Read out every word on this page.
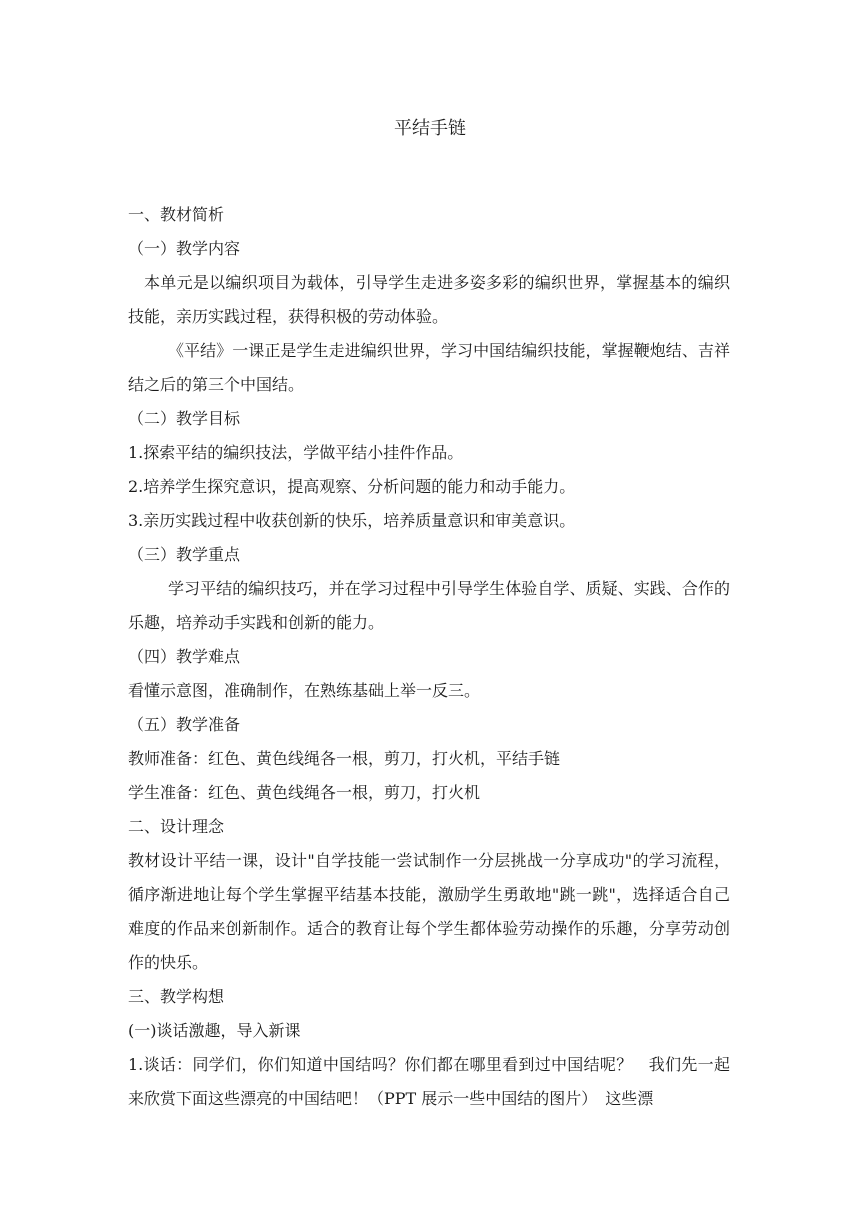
平结手链
一、教材简析
（一）教学内容

本单元是以编织项目为载体，引导学生走进多姿多彩的编织世界，掌握基本的编织技能，亲历实践过程，获得积极的劳动体验。

《平结》一课正是学生走进编织世界，学习中国结编织技能，掌握鞭炮结、吉祥结之后的第三个中国结。

（二）教学目标
1.探索平结的编织技法，学做平结小挂件作品。
2.培养学生探究意识，提高观察、分析问题的能力和动手能力。
3.亲历实践过程中收获创新的快乐，培养质量意识和审美意识。
（三）教学重点

学习平结的编织技巧，并在学习过程中引导学生体验自学、质疑、实践、合作的乐趣，培养动手实践和创新的能力。

（四）教学难点
看懂示意图，准确制作，在熟练基础上举一反三。
（五）教学准备
教师准备：红色、黄色线绳各一根，剪刀，打火机，平结手链
学生准备：红色、黄色线绳各一根，剪刀，打火机
二、设计理念

教材设计平结一课，设计"自学技能一尝试制作一分层挑战一分享成功"的学习流程，循序渐进地让每个学生掌握平结基本技能，激励学生勇敢地"跳一跳"，选择适合自己难度的作品来创新制作。适合的教育让每个学生都体验劳动操作的乐趣，分享劳动创作的快乐。

三、教学构想
(一)谈话激趣，导入新课

1.谈话：同学们，你们知道中国结吗？你们都在哪里看到过中国结呢？　我们先一起来欣赏下面这些漂亮的中国结吧！（PPT 展示一些中国结的图片）　这些漂
